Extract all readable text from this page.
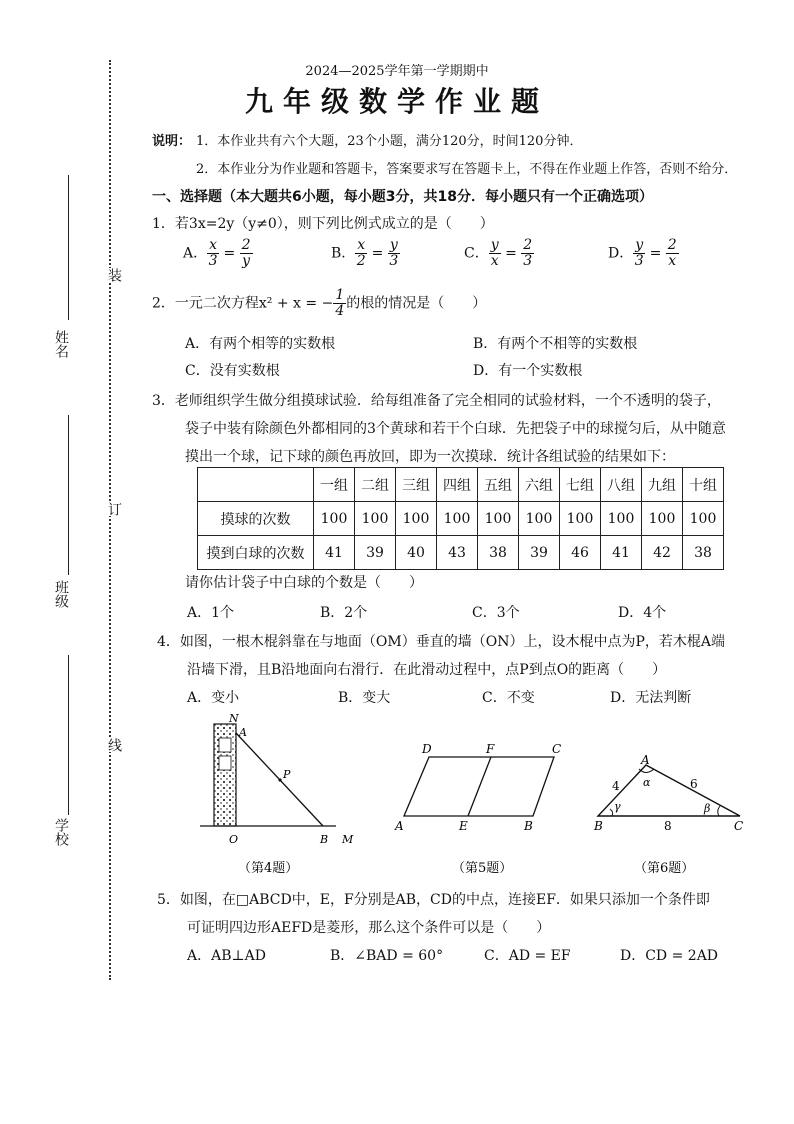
姓名
班级
学校
装
订
线
2024—2025学年第一学期期中
九年级数学作业题
说明： 1．本作业共有六个大题，23个小题，满分120分，时间120分钟．
2．本作业分为作业题和答题卡，答案要求写在答题卡上，不得在作业题上作答，否则不给分．
一、选择题（本大题共6小题，每小题3分，共18分．每小题只有一个正确选项）
1．若3x=2y（y≠0），则下列比例式成立的是（　　）
A． $\frac{x}{3} = \frac{2}{y}$	B． $\frac{x}{2} = \frac{y}{3}$	C． $\frac{y}{x} = \frac{2}{3}$	D． $\frac{y}{3} = \frac{2}{x}$
2．一元二次方程x² + x = − $\frac{1}{4}$ 的根的情况是（　　）
A．有两个相等的实数根	B．有两个不相等的实数根
C．没有实数根	D．有一个实数根
3．老师组织学生做分组摸球试验．给每组准备了完全相同的试验材料，一个不透明的袋子，
袋子中装有除颜色外都相同的3个黄球和若干个白球．先把袋子中的球搅匀后，从中随意
摸出一个球，记下球的颜色再放回，即为一次摸球．统计各组试验的结果如下：
	一组	二组	三组	四组	五组	六组	七组	八组	九组	十组
摸球的次数	100	100	100	100	100	100	100	100	100	100
摸到白球的次数	41	39	40	43	38	39	46	41	42	38
请你估计袋子中白球的个数是（　　）
A．1个	B．2个	C．3个	D．4个
4．如图，一根木棍斜靠在与地面（OM）垂直的墙（ON）上，设木棍中点为P，若木棍A端
沿墙下滑，且B沿地面向右滑行．在此滑动过程中，点P到点O的距离（　　）
A．变小	B．变大	C．不变	D．无法判断
N
A
P
O	B M
（第4题）
D	F	C
A	E	B
（第5题）
A
B	C
4	6
8
α
β
γ
（第6题）
5．如图，在□ABCD中，E，F分别是AB，CD的中点，连接EF．如果只添加一个条件即
可证明四边形AEFD是菱形，那么这个条件可以是（　　）
A．AB⊥AD	B．∠BAD = 60°	C．AD = EF	D．CD = 2AD
